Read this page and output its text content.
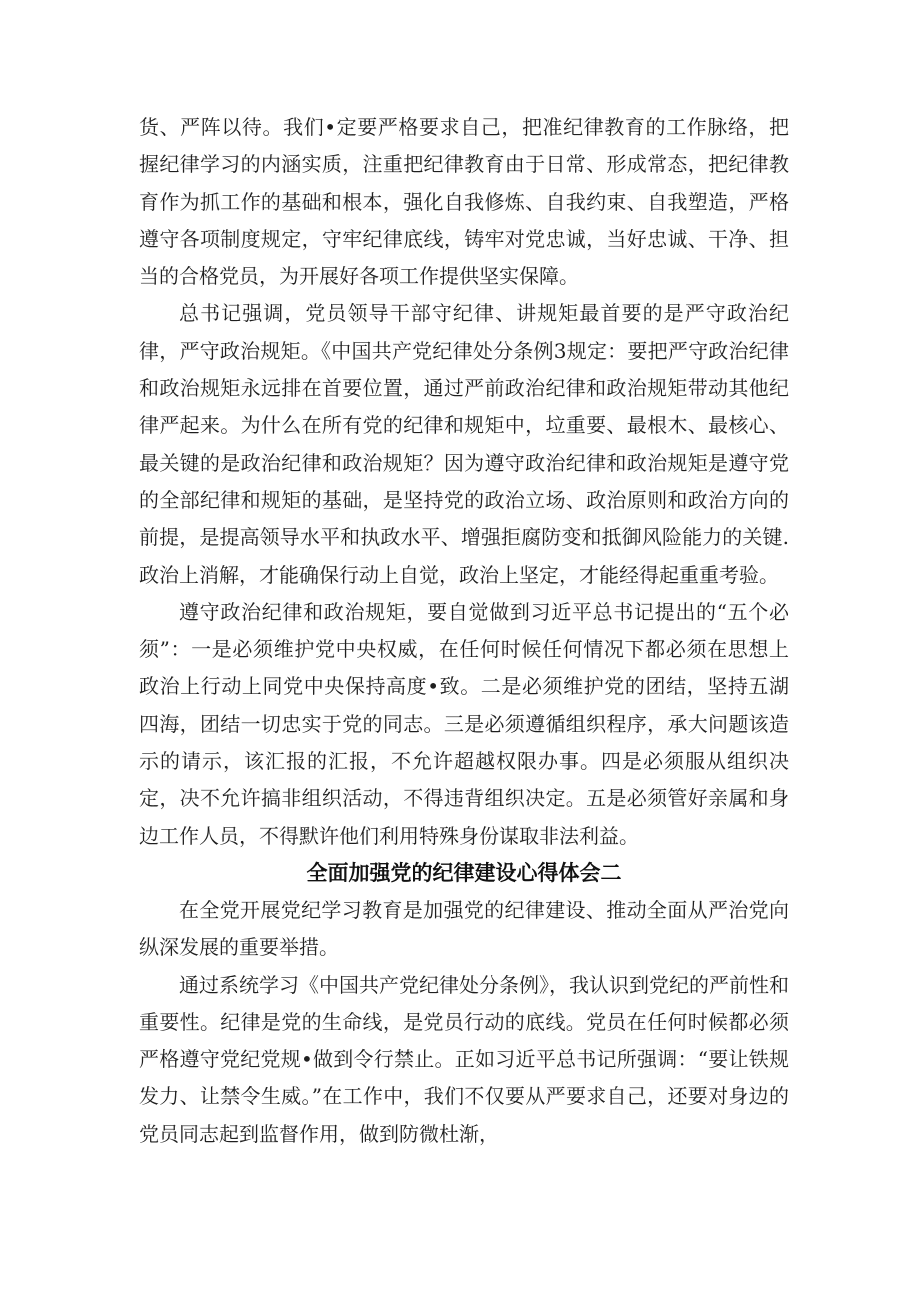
货、严阵以待。我们•定要严格要求自己，把准纪律教育的工作脉络，把握纪律学习的内涵实质，注重把纪律教育由于日常、形成常态，把纪律教育作为抓工作的基础和根本，强化自我修炼、自我约束、自我塑造，严格遵守各项制度规定，守牢纪律底线，铸牢对党忠诚，当好忠诚、干净、担当的合格党员，为开展好各项工作提供坚实保障。

总书记强调，党员领导干部守纪律、讲规矩最首要的是严守政治纪律，严守政治规矩。《中国共产党纪律处分条例3规定：要把严守政治纪律和政治规矩永远排在首要位置，通过严前政治纪律和政治规矩带动其他纪律严起来。为什么在所有党的纪律和规矩中，垃重要、最根木、最核心、最关键的是政治纪律和政治规矩？因为遵守政治纪律和政治规矩是遵守党的全部纪律和规矩的基础，是坚持党的政治立场、政治原则和政治方向的前提，是提高领导水平和执政水平、增强拒腐防变和抵御风险能力的关键.政治上消解，才能确保行动上自觉，政治上坚定，才能经得起重重考验。

遵守政治纪律和政治规矩，要自觉做到习近平总书记提出的“五个必须”：一是必须维护党中央权威，在任何时候任何情况下都必须在思想上政治上行动上同党中央保持高度•致。二是必须维护党的团结，坚持五湖四海，团结一切忠实于党的同志。三是必须遵循组织程序，承大问题该造示的请示，该汇报的汇报，不允许超越权限办事。四是必须服从组织决定，决不允许搞非组织活动，不得违背组织决定。五是必须管好亲属和身边工作人员，不得默许他们利用特殊身份谋取非法利益。

全面加强党的纪律建设心得体会二

在全党开展党纪学习教育是加强党的纪律建设、推动全面从严治党向纵深发展的重要举措。

通过系统学习《中国共产党纪律处分条例》，我认识到党纪的严前性和重要性。纪律是党的生命线，是党员行动的底线。党员在任何时候都必须严格遵守党纪党规•做到令行禁止。正如习近平总书记所强调：“要让铁规发力、让禁令生威。”在工作中，我们不仅要从严要求自己，还要对身边的党员同志起到监督作用，做到防微杜渐，
